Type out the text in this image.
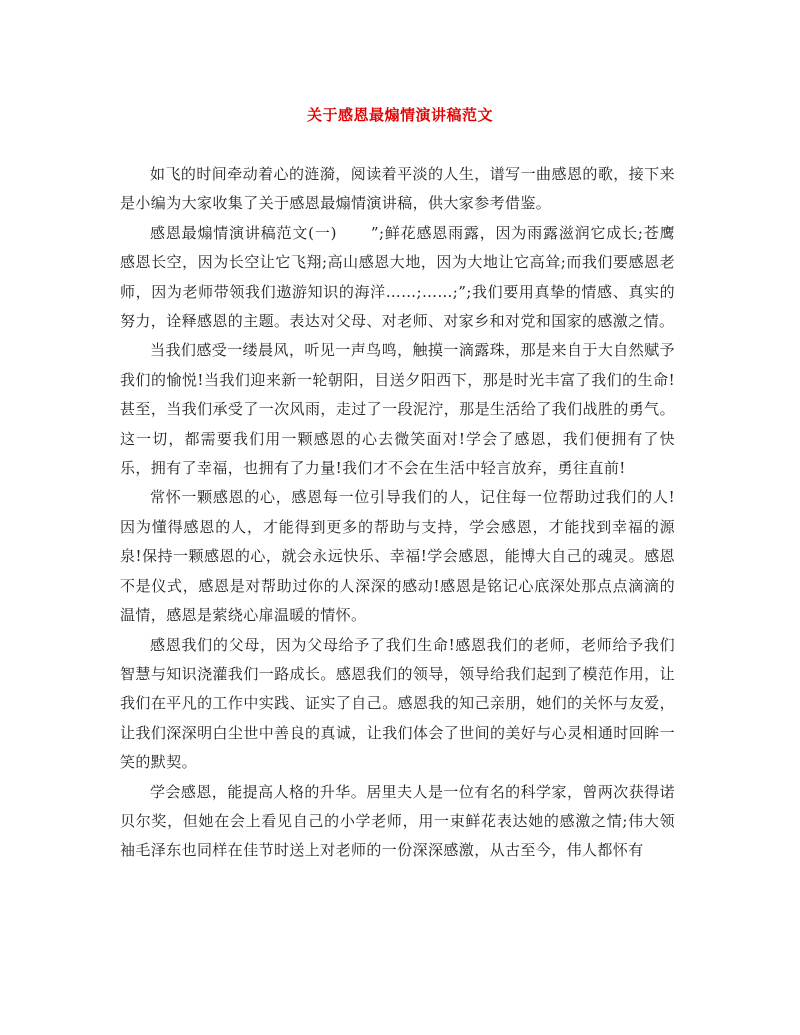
关于感恩最煽情演讲稿范文

如飞的时间牵动着心的涟漪，阅读着平淡的人生，谱写一曲感恩的歌，接下来是小编为大家收集了关于感恩最煽情演讲稿，供大家参考借鉴。

感恩最煽情演讲稿范文(一) ”;鲜花感恩雨露，因为雨露滋润它成长;苍鹰感恩长空，因为长空让它飞翔;高山感恩大地，因为大地让它高耸;而我们要感恩老师，因为老师带领我们遨游知识的海洋……;……;”;我们要用真挚的情感、真实的努力，诠释感恩的主题。表达对父母、对老师、对家乡和对党和国家的感激之情。

当我们感受一缕晨风，听见一声鸟鸣，触摸一滴露珠，那是来自于大自然赋予我们的愉悦!当我们迎来新一轮朝阳，目送夕阳西下，那是时光丰富了我们的生命!甚至，当我们承受了一次风雨，走过了一段泥泞，那是生活给了我们战胜的勇气。这一切，都需要我们用一颗感恩的心去微笑面对!学会了感恩，我们便拥有了快乐，拥有了幸福，也拥有了力量!我们才不会在生活中轻言放弃，勇往直前!

常怀一颗感恩的心，感恩每一位引导我们的人，记住每一位帮助过我们的人!因为懂得感恩的人，才能得到更多的帮助与支持，学会感恩，才能找到幸福的源泉!保持一颗感恩的心，就会永远快乐、幸福!学会感恩，能博大自己的魂灵。感恩不是仪式，感恩是对帮助过你的人深深的感动!感恩是铭记心底深处那点点滴滴的温情，感恩是萦绕心扉温暖的情怀。

感恩我们的父母，因为父母给予了我们生命!感恩我们的老师，老师给予我们智慧与知识浇灌我们一路成长。感恩我们的领导，领导给我们起到了模范作用，让我们在平凡的工作中实践、证实了自己。感恩我的知己亲朋，她们的关怀与友爱，让我们深深明白尘世中善良的真诚，让我们体会了世间的美好与心灵相通时回眸一笑的默契。

学会感恩，能提高人格的升华。居里夫人是一位有名的科学家，曾两次获得诺贝尔奖，但她在会上看见自己的小学老师，用一束鲜花表达她的感激之情;伟大领袖毛泽东也同样在佳节时送上对老师的一份深深感激，从古至今，伟人都怀有
